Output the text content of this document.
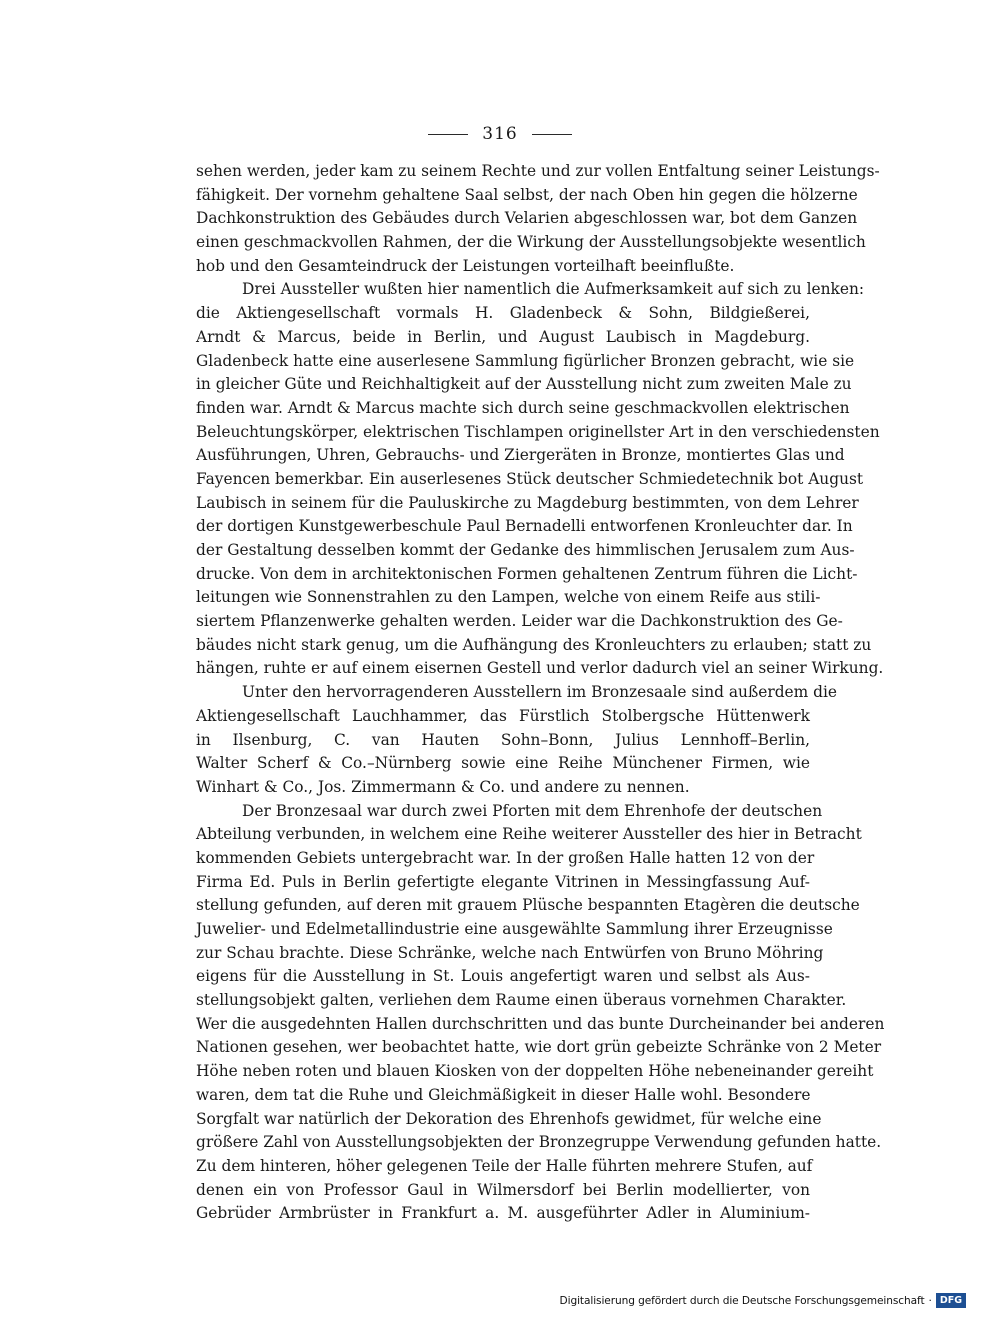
316
sehen werden, jeder kam zu seinem Rechte und zur vollen Entfaltung seiner Leistungs-
fähigkeit. Der vornehm gehaltene Saal selbst, der nach Oben hin gegen die hölzerne
Dachkonstruktion des Gebäudes durch Velarien abgeschlossen war, bot dem Ganzen
einen geschmackvollen Rahmen, der die Wirkung der Ausstellungsobjekte wesentlich
hob und den Gesamteindruck der Leistungen vorteilhaft beeinflußte.
Drei Aussteller wußten hier namentlich die Aufmerksamkeit auf sich zu lenken:
die Aktiengesellschaft vormals H. Gladenbeck & Sohn, Bildgießerei,
Arndt & Marcus, beide in Berlin, und August Laubisch in Magdeburg.
Gladenbeck hatte eine auserlesene Sammlung figürlicher Bronzen gebracht, wie sie
in gleicher Güte und Reichhaltigkeit auf der Ausstellung nicht zum zweiten Male zu
finden war. Arndt & Marcus machte sich durch seine geschmackvollen elektrischen
Beleuchtungskörper, elektrischen Tischlampen originellster Art in den verschiedensten
Ausführungen, Uhren, Gebrauchs- und Ziergeräten in Bronze, montiertes Glas und
Fayencen bemerkbar. Ein auserlesenes Stück deutscher Schmiedetechnik bot August
Laubisch in seinem für die Pauluskirche zu Magdeburg bestimmten, von dem Lehrer
der dortigen Kunstgewerbeschule Paul Bernadelli entworfenen Kronleuchter dar. In
der Gestaltung desselben kommt der Gedanke des himmlischen Jerusalem zum Aus-
drucke. Von dem in architektonischen Formen gehaltenen Zentrum führen die Licht-
leitungen wie Sonnenstrahlen zu den Lampen, welche von einem Reife aus stili-
siertem Pflanzenwerke gehalten werden. Leider war die Dachkonstruktion des Ge-
bäudes nicht stark genug, um die Aufhängung des Kronleuchters zu erlauben; statt zu
hängen, ruhte er auf einem eisernen Gestell und verlor dadurch viel an seiner Wirkung.
Unter den hervorragenderen Ausstellern im Bronzesaale sind außerdem die
Aktiengesellschaft Lauchhammer, das Fürstlich Stolbergsche Hüttenwerk
in Ilsenburg, C. van Hauten Sohn–Bonn, Julius Lennhoff–Berlin,
Walter Scherf & Co.–Nürnberg sowie eine Reihe Münchener Firmen, wie
Winhart & Co., Jos. Zimmermann & Co. und andere zu nennen.
Der Bronzesaal war durch zwei Pforten mit dem Ehrenhofe der deutschen
Abteilung verbunden, in welchem eine Reihe weiterer Aussteller des hier in Betracht
kommenden Gebiets untergebracht war. In der großen Halle hatten 12 von der
Firma Ed. Puls in Berlin gefertigte elegante Vitrinen in Messingfassung Auf-
stellung gefunden, auf deren mit grauem Plüsche bespannten Etagèren die deutsche
Juwelier- und Edelmetallindustrie eine ausgewählte Sammlung ihrer Erzeugnisse
zur Schau brachte. Diese Schränke, welche nach Entwürfen von Bruno Möhring
eigens für die Ausstellung in St. Louis angefertigt waren und selbst als Aus-
stellungsobjekt galten, verliehen dem Raume einen überaus vornehmen Charakter.
Wer die ausgedehnten Hallen durchschritten und das bunte Durcheinander bei anderen
Nationen gesehen, wer beobachtet hatte, wie dort grün gebeizte Schränke von 2 Meter
Höhe neben roten und blauen Kiosken von der doppelten Höhe nebeneinander gereiht
waren, dem tat die Ruhe und Gleichmäßigkeit in dieser Halle wohl. Besondere
Sorgfalt war natürlich der Dekoration des Ehrenhofs gewidmet, für welche eine
größere Zahl von Ausstellungsobjekten der Bronzegruppe Verwendung gefunden hatte.
Zu dem hinteren, höher gelegenen Teile der Halle führten mehrere Stufen, auf
denen ein von Professor Gaul in Wilmersdorf bei Berlin modellierter, von
Gebrüder Armbrüster in Frankfurt a. M. ausgeführter Adler in Aluminium-
Digitalisierung gefördert durch die Deutsche Forschungsgemeinschaft · DFG
